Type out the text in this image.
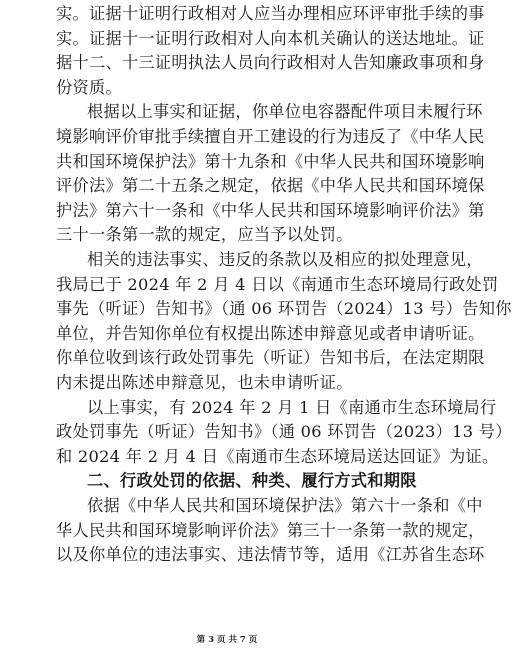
实。证据十证明行政相对人应当办理相应环评审批手续的事
实。证据十一证明行政相对人向本机关确认的送达地址。证
据十二、十三证明执法人员向行政相对人告知廉政事项和身
份资质。
根据以上事实和证据，你单位电容器配件项目未履行环
境影响评价审批手续擅自开工建设的行为违反了《中华人民
共和国环境保护法》第十九条和《中华人民共和国环境影响
评价法》第二十五条之规定，依据《中华人民共和国环境保
护法》第六十一条和《中华人民共和国环境影响评价法》第
三十一条第一款的规定，应当予以处罚。
相关的违法事实、违反的条款以及相应的拟处理意见，
我局已于 2024 年 2 月 4 日以《南通市生态环境局行政处罚
事先（听证）告知书》（通 06 环罚告（2024）13 号）告知你
单位，并告知你单位有权提出陈述申辩意见或者申请听证。
你单位收到该行政处罚事先（听证）告知书后，在法定期限
内未提出陈述申辩意见，也未申请听证。
以上事实，有 2024 年 2 月 1 日《南通市生态环境局行
政处罚事先（听证）告知书》（通 06 环罚告（2023）13 号）
和 2024 年 2 月 4 日《南通市生态环境局送达回证》为证。
二、行政处罚的依据、种类、履行方式和期限
依据《中华人民共和国环境保护法》第六十一条和《中
华人民共和国环境影响评价法》第三十一条第一款的规定，
以及你单位的违法事实、违法情节等，适用《江苏省生态环
第 3 页 共 7 页
